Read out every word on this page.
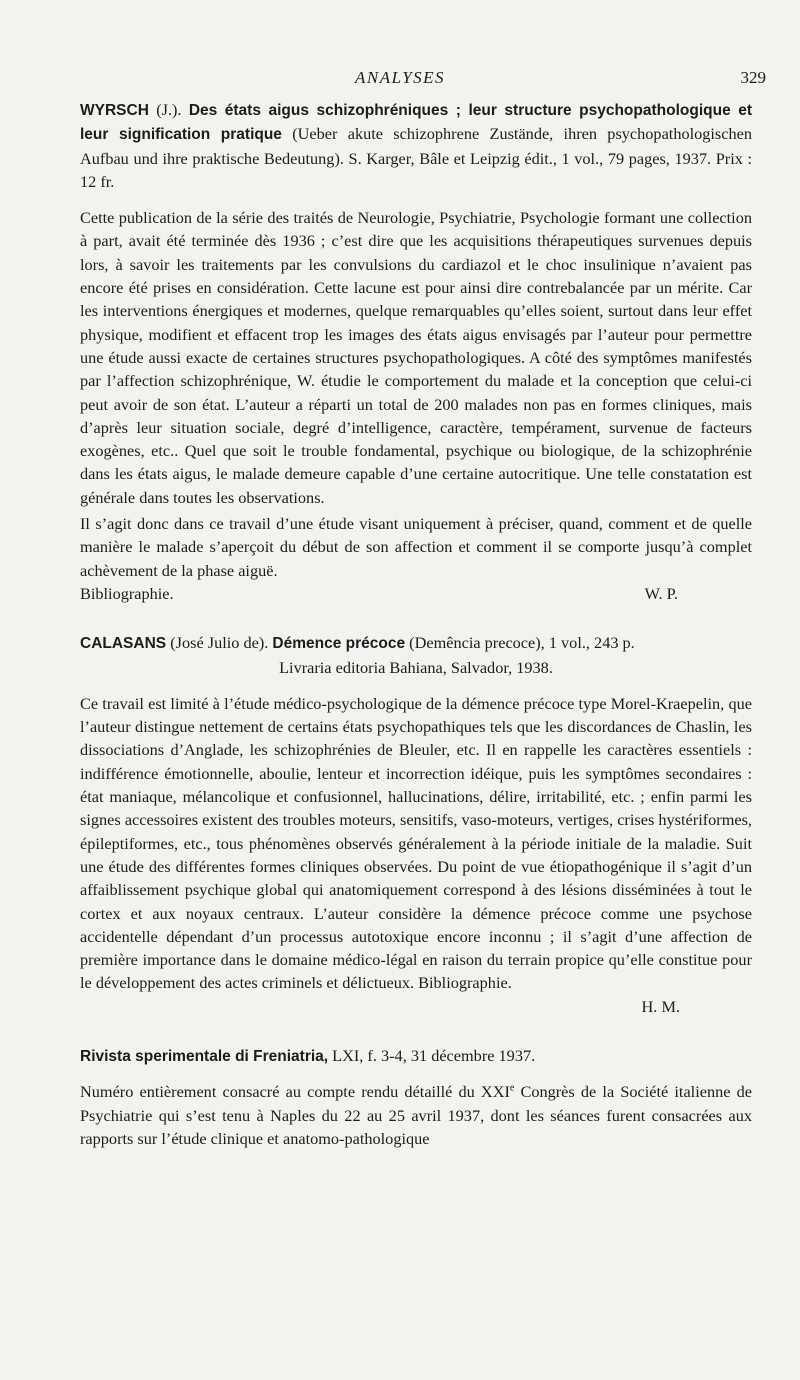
ANALYSES	329

WYRSCH (J.). Des états aigus schizophréniques ; leur structure psychopathologique et leur signification pratique (Ueber akute schizophrene Zustände, ihren psychopathologischen Aufbau und ihre praktische Bedeutung). S. Karger, Bâle et Leipzig édit., 1 vol., 79 pages, 1937. Prix : 12 fr.

Cette publication de la série des traités de Neurologie, Psychiatrie, Psychologie formant une collection à part, avait été terminée dès 1936 ; c’est dire que les acquisitions thérapeutiques survenues depuis lors, à savoir les traitements par les convulsions du cardiazol et le choc insulinique n’avaient pas encore été prises en considération. Cette lacune est pour ainsi dire contrebalancée par un mérite. Car les interventions énergiques et modernes, quelque remarquables qu’elles soient, surtout dans leur effet physique, modifient et effacent trop les images des états aigus envisagés par l’auteur pour permettre une étude aussi exacte de certaines structures psychopathologiques. A côté des symptômes manifestés par l’affection schizophrénique, W. étudie le comportement du malade et la conception que celui-ci peut avoir de son état. L’auteur a réparti un total de 200 malades non pas en formes cliniques, mais d’après leur situation sociale, degré d’intelligence, caractère, tempérament, survenue de facteurs exogènes, etc.. Quel que soit le trouble fondamental, psychique ou biologique, de la schizophrénie dans les états aigus, le malade demeure capable d’une certaine autocritique. Une telle constatation est générale dans toutes les observations.

Il s’agit donc dans ce travail d’une étude visant uniquement à préciser, quand, comment et de quelle manière le malade s’aperçoit du début de son affection et comment il se comporte jusqu’à complet achèvement de la phase aiguë.

Bibliographie.	W. P.

CALASANS (José Julio de). Démence précoce (Demência precoce), 1 vol., 243 p.
Livraria editoria Bahiana, Salvador, 1938.

Ce travail est limité à l’étude médico-psychologique de la démence précoce type Morel-Kraepelin, que l’auteur distingue nettement de certains états psychopathiques tels que les discordances de Chaslin, les dissociations d’Anglade, les schizophrénies de Bleuler, etc. Il en rappelle les caractères essentiels : indifférence émotionnelle, aboulie, lenteur et incorrection idéique, puis les symptômes secondaires : état maniaque, mélancolique et confusionnel, hallucinations, délire, irritabilité, etc. ; enfin parmi les signes accessoires existent des troubles moteurs, sensitifs, vaso-moteurs, vertiges, crises hystériformes, épileptiformes, etc., tous phénomènes observés généralement à la période initiale de la maladie. Suit une étude des différentes formes cliniques observées. Du point de vue étiopathogénique il s’agit d’un affaiblissement psychique global qui anatomiquement correspond à des lésions disséminées à tout le cortex et aux noyaux centraux. L’auteur considère la démence précoce comme une psychose accidentelle dépendant d’un processus autotoxique encore inconnu ; il s’agit d’une affection de première importance dans le domaine médico-légal en raison du terrain propice qu’elle constitue pour le développement des actes criminels et délictueux. Bibliographie.

H. M.

Rivista sperimentale di Freniatria, LXI, f. 3-4, 31 décembre 1937.

Numéro entièrement consacré au compte rendu détaillé du XXIe Congrès de la Société italienne de Psychiatrie qui s’est tenu à Naples du 22 au 25 avril 1937, dont les séances furent consacrées aux rapports sur l’étude clinique et anatomo-pathologique
